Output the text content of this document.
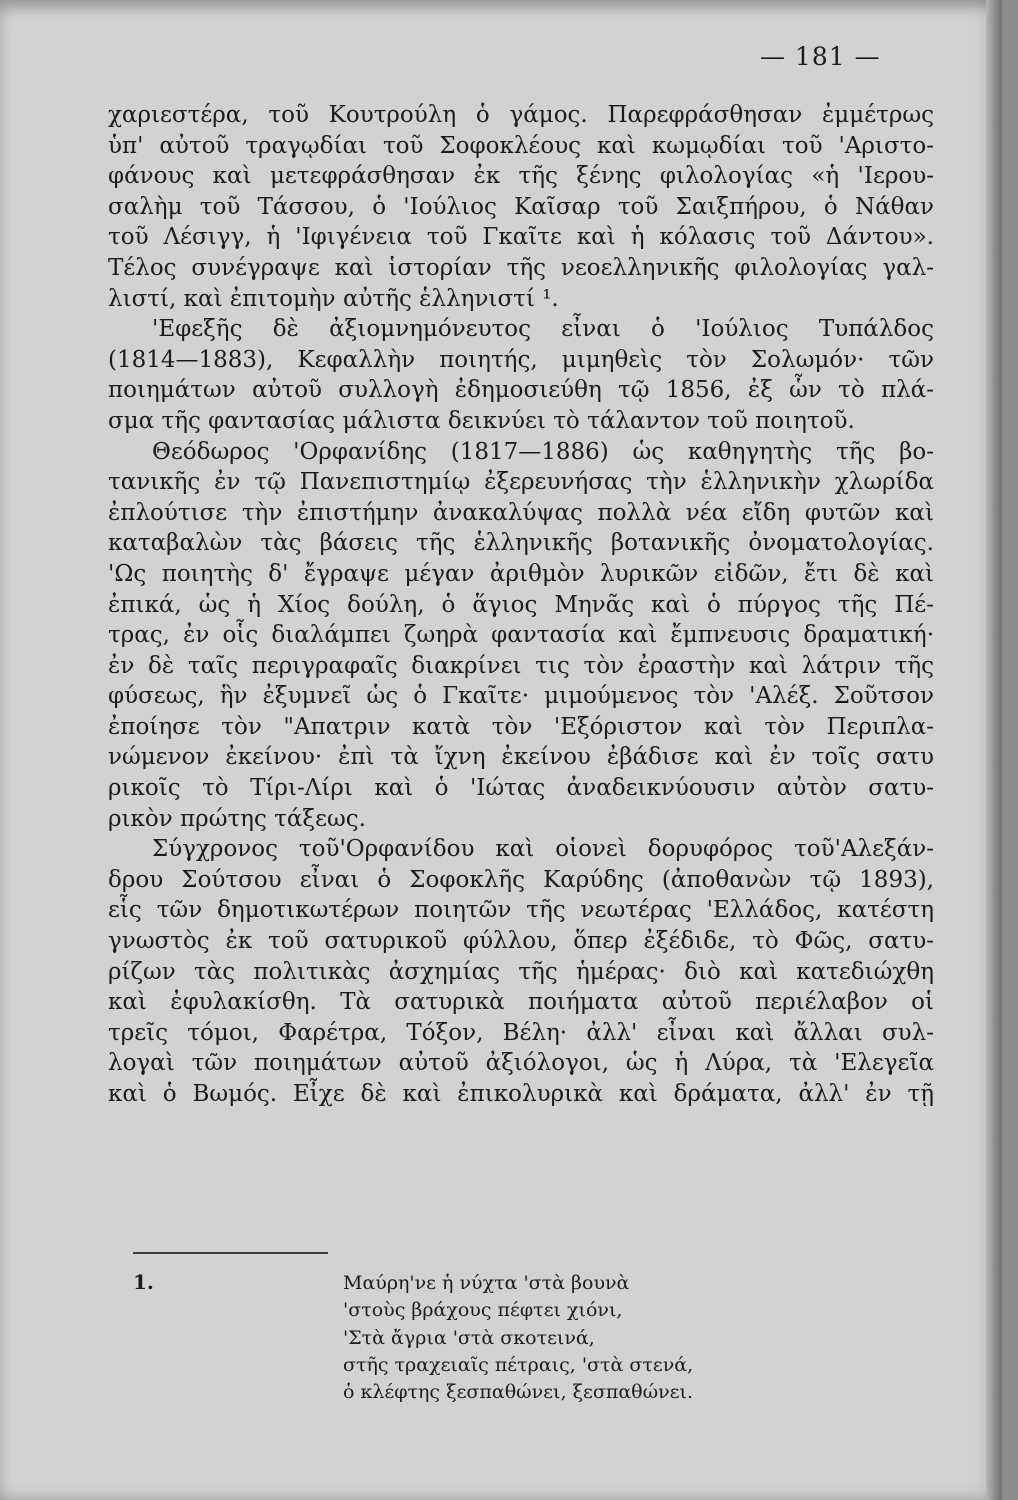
— 181 —
χαριεστέρα, τοῦ Κουτρούλη ὁ γάμος. Παρεφράσθησαν ἐμμέτρως
ὑπ' αὐτοῦ τραγῳδίαι τοῦ Σοφοκλέους καὶ κωμῳδίαι τοῦ 'Αριστο-
φάνους καὶ μετεφράσθησαν ἐκ τῆς ξένης φιλολογίας «ἡ 'Ιερου-
σαλὴμ τοῦ Τάσσου, ὁ 'Ιούλιος Καῖσαρ τοῦ Σαιξπήρου, ὁ Νάθαν
τοῦ Λέσιγγ, ἡ 'Ιφιγένεια τοῦ Γκαῖτε καὶ ἡ κόλασις τοῦ Δάντου».
Τέλος συνέγραψε καὶ ἱστορίαν τῆς νεοελληνικῆς φιλολογίας γαλ-
λιστί, καὶ ἐπιτομὴν αὐτῆς ἑλληνιστί ¹.
'Εφεξῆς δὲ ἀξιομνημόνευτος εἶναι ὁ 'Ιούλιος Τυπάλδος
(1814—1883), Κεφαλλὴν ποιητής, μιμηθεὶς τὸν Σολωμόν· τῶν
ποιημάτων αὐτοῦ συλλογὴ ἐδημοσιεύθη τῷ 1856, ἐξ ὧν τὸ πλά-
σμα τῆς φαντασίας μάλιστα δεικνύει τὸ τάλαντον τοῦ ποιητοῦ.
Θεόδωρος 'Ορφανίδης (1817—1886) ὡς καθηγητὴς τῆς βο-
τανικῆς ἐν τῷ Πανεπιστημίῳ ἐξερευνήσας τὴν ἑλληνικὴν χλωρίδα
ἐπλούτισε τὴν ἐπιστήμην ἀνακαλύψας πολλὰ νέα εἴδη φυτῶν καὶ
καταβαλὼν τὰς βάσεις τῆς ἑλληνικῆς βοτανικῆς ὀνοματολογίας.
'Ως ποιητὴς δ' ἔγραψε μέγαν ἀριθμὸν λυρικῶν εἰδῶν, ἔτι δὲ καὶ
ἐπικά, ὡς ἡ Χίος δούλη, ὁ ἅγιος Μηνᾶς καὶ ὁ πύργος τῆς Πέ-
τρας, ἐν οἷς διαλάμπει ζωηρὰ φαντασία καὶ ἔμπνευσις δραματική·
ἐν δὲ ταῖς περιγραφαῖς διακρίνει τις τὸν ἐραστὴν καὶ λάτριν τῆς
φύσεως, ἣν ἐξυμνεῖ ὡς ὁ Γκαῖτε· μιμούμενος τὸν 'Αλέξ. Σοῦτσον
ἐποίησε τὸν "Απατριν κατὰ τὸν 'Εξόριστον καὶ τὸν Περιπλα-
νώμενον ἐκείνου· ἐπὶ τὰ ἴχνη ἐκείνου ἐβάδισε καὶ ἐν τοῖς σατυ
ρικοῖς τὸ Τίρι-Λίρι καὶ ὁ 'Ιώτας ἀναδεικνύουσιν αὐτὸν σατυ-
ρικὸν πρώτης τάξεως.
Σύγχρονος τοῦ'Ορφανίδου καὶ οἱονεὶ δορυφόρος τοῦ'Αλεξάν-
δρου Σούτσου εἶναι ὁ Σοφοκλῆς Καρύδης (ἀποθανὼν τῷ 1893),
εἷς τῶν δημοτικωτέρων ποιητῶν τῆς νεωτέρας 'Ελλάδος, κατέστη
γνωστὸς ἐκ τοῦ σατυρικοῦ φύλλου, ὅπερ ἐξέδιδε, τὸ Φῶς, σατυ-
ρίζων τὰς πολιτικὰς ἀσχημίας τῆς ἡμέρας· διὸ καὶ κατεδιώχθη
καὶ ἐφυλακίσθη. Τὰ σατυρικὰ ποιήματα αὐτοῦ περιέλαβον οἱ
τρεῖς τόμοι, Φαρέτρα, Τόξον, Βέλη· ἀλλ' εἶναι καὶ ἄλλαι συλ-
λογαὶ τῶν ποιημάτων αὐτοῦ ἀξιόλογοι, ὡς ἡ Λύρα, τὰ 'Ελεγεῖα
καὶ ὁ Βωμός. Εἶχε δὲ καὶ ἐπικολυρικὰ καὶ δράματα, ἀλλ' ἐν τῇ
1.	Μαύρη'νε ἡ νύχτα 'στὰ βουνὰ
'στοὺς βράχους πέφτει χιόνι,
'Στὰ ἄγρια 'στὰ σκοτεινά,
στῆς τραχειαῖς πέτραις, 'στὰ στενά,
ὁ κλέφτης ξεσπαθώνει, ξεσπαθώνει.
